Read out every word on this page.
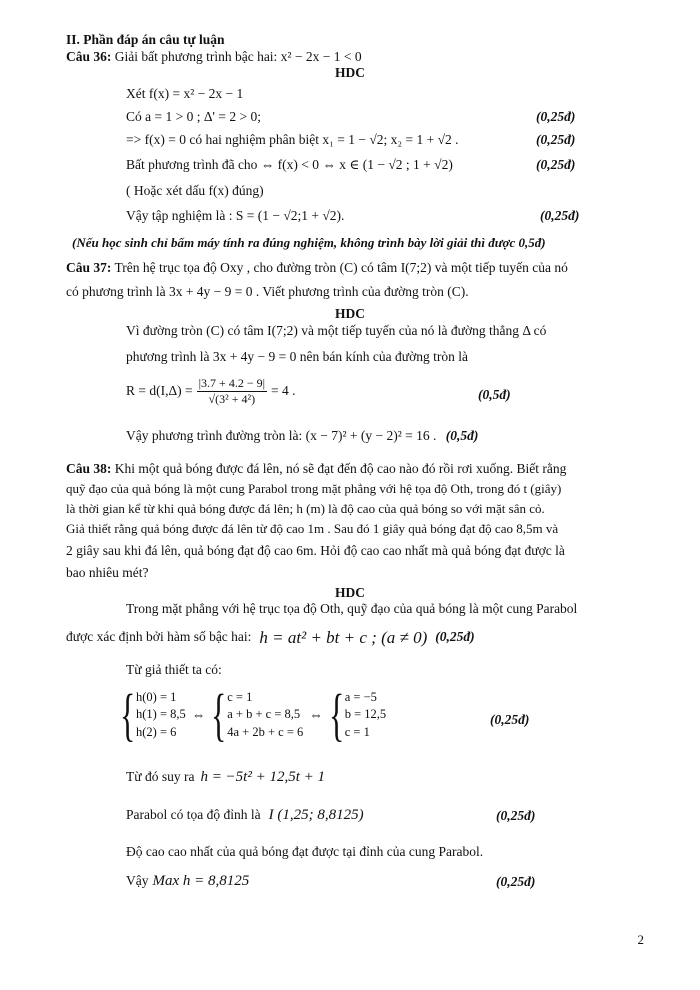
II. Phần đáp án câu tự luận
Câu 36: Giải bất phương trình bậc hai: x² − 2x − 1 < 0
HDC
Xét f(x) = x² − 2x − 1
Có a = 1 > 0 ; Δ' = 2 > 0;	(0,25đ)
=> f(x) = 0 có hai nghiệm phân biệt x₁ = 1 − √2; x₂ = 1 + √2 .	(0,25đ)
Bất phương trình đã cho ⇔ f(x) < 0 ⇔ x ∈ (1 − √2 ; 1 + √2)	(0,25đ)
( Hoặc xét dấu f(x) đúng)
Vậy tập nghiệm là : S = (1 − √2;1 + √2).	(0,25đ)
(Nếu học sinh chỉ bấm máy tính ra đúng nghiệm, không trình bày lời giải thì được 0,5đ)
Câu 37: Trên hệ trục tọa độ Oxy , cho đường tròn (C) có tâm I(7;2) và một tiếp tuyến của nó
có phương trình là 3x + 4y − 9 = 0 . Viết phương trình của đường tròn (C).
HDC
Vì đường tròn (C) có tâm I(7;2) và một tiếp tuyến của nó là đường thẳng Δ có
phương trình là 3x + 4y − 9 = 0 nên bán kính của đường tròn là
$R = d(I,\Delta) = \frac{|3.7 + 4.2 - 9|}{\text{√(3² + 4²)}} = 4$ .	(0,5đ)
Vậy phương trình đường tròn là: (x − 7)² + (y − 2)² = 16 . (0,5đ)
Câu 38: Khi một quả bóng được đá lên, nó sẽ đạt đến độ cao nào đó rồi rơi xuống. Biết rằng
quỹ đạo của quả bóng là một cung Parabol trong mặt phẳng với hệ tọa độ Oth, trong đó t (giây)
là thời gian kể từ khi quả bóng được đá lên; h (m) là độ cao của quả bóng so với mặt sân cỏ.
Giả thiết rằng quả bóng được đá lên từ độ cao 1m . Sau đó 1 giây quả bóng đạt độ cao 8,5m và
2 giây sau khi đá lên, quả bóng đạt độ cao 6m. Hỏi độ cao cao nhất mà quả bóng đạt được là
bao nhiêu mét?
HDC
Trong mặt phẳng với hệ trục tọa độ Oth, quỹ đạo của quả bóng là một cung Parabol
được xác định bởi hàm số bậc hai: h = at² + bt + c ; (a ≠ 0) (0,25đ)
Từ giả thiết ta có:
{ h(0) = 1
h(1) = 8,5
h(2) = 6
⇔ { c = 1
a + b + c = 8,5
4a + 2b + c = 6
⇔ { a = −5
b = 12,5
c = 1
(0,25đ)
Từ đó suy ra h = −5t² + 12,5t + 1
Parabol có tọa độ đỉnh là I (1,25; 8,8125)	(0,25đ)
Độ cao cao nhất của quả bóng đạt được tại đỉnh của cung Parabol.
Vậy Max h = 8,8125	(0,25đ)
2
